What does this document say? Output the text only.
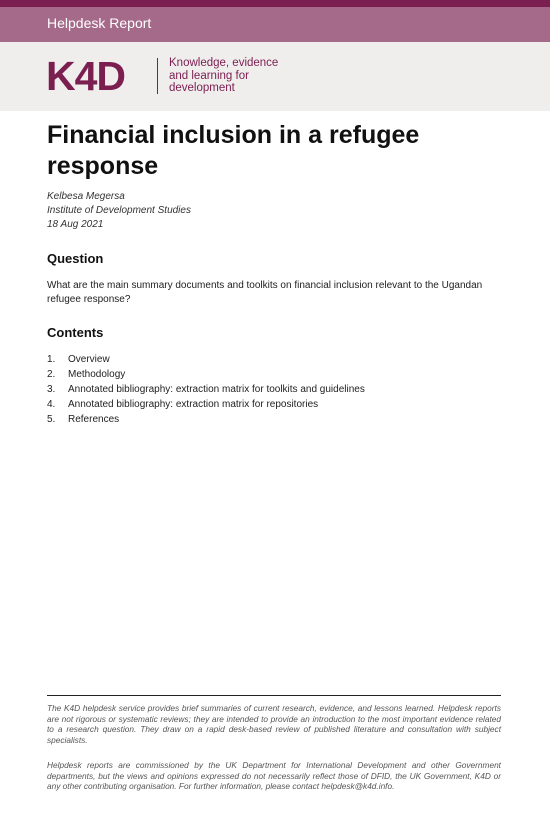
Helpdesk Report
K4D	Knowledge, evidence
and learning for
development
Financial inclusion in a refugee response
Kelbesa Megersa
Institute of Development Studies
18 Aug 2021
Question

What are the main summary documents and toolkits on financial inclusion relevant to the Ugandan refugee response?

Contents
1. Overview
2. Methodology
3. Annotated bibliography: extraction matrix for toolkits and guidelines
4. Annotated bibliography: extraction matrix for repositories
5. References

The K4D helpdesk service provides brief summaries of current research, evidence, and lessons learned. Helpdesk reports are not rigorous or systematic reviews; they are intended to provide an introduction to the most important evidence related to a research question. They draw on a rapid desk-based review of published literature and consultation with subject specialists.

Helpdesk reports are commissioned by the UK Department for International Development and other Government departments, but the views and opinions expressed do not necessarily reflect those of DFID, the UK Government, K4D or any other contributing organisation. For further information, please contact helpdesk@k4d.info.
